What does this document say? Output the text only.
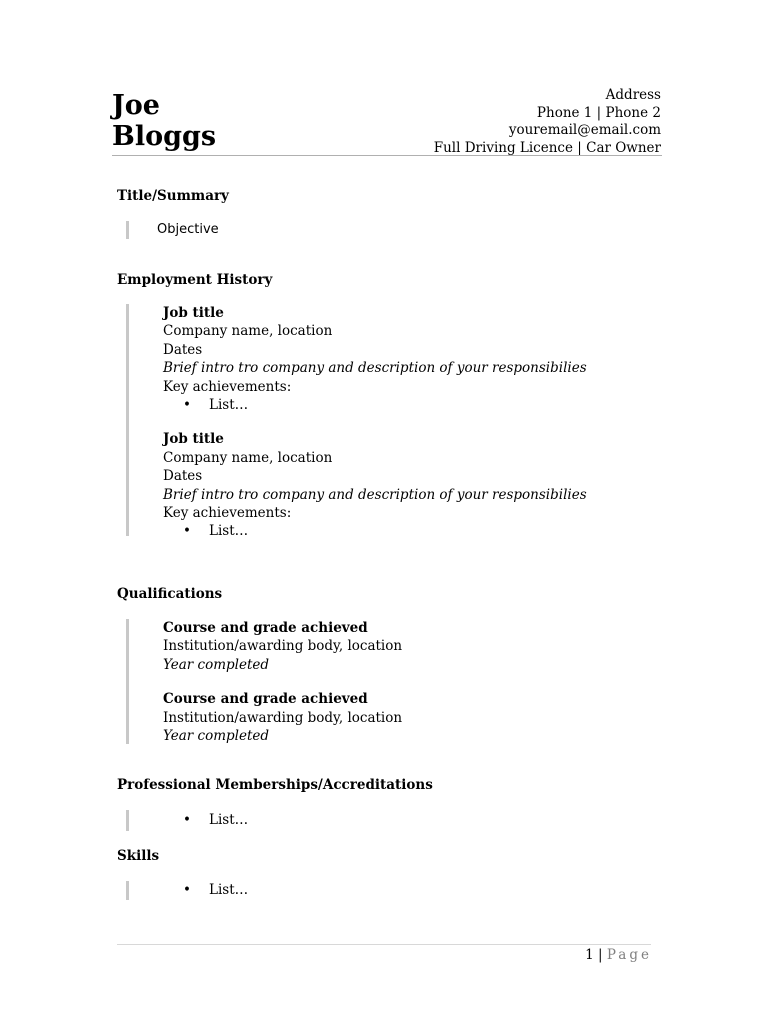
Joe
Bloggs
Address
Phone 1 | Phone 2
youremail@email.com
Full Driving Licence | Car Owner
Title/Summary
Objective
Employment History
Job title
Company name, location
Dates
Brief intro tro company and description of your responsibilies
Key achievements:
• List…
Job title
Company name, location
Dates
Brief intro tro company and description of your responsibilies
Key achievements:
• List…
Qualifications
Course and grade achieved
Institution/awarding body, location
Year completed
Course and grade achieved
Institution/awarding body, location
Year completed
Professional Memberships/Accreditations
• List…
Skills
• List…
1 | Page
